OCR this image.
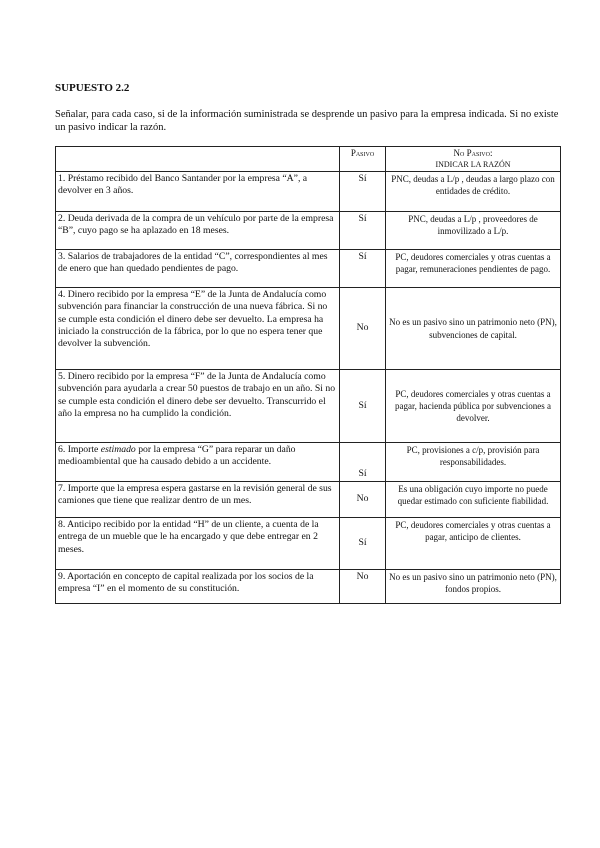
SUPUESTO 2.2
Señalar, para cada caso, si de la información suministrada se desprende un pasivo para la empresa indicada. Si no existe un pasivo indicar la razón.
	Pasivo	No Pasivo:
INDICAR LA RAZÓN

1. Préstamo recibido del Banco Santander por la empresa “A”, a devolver en 3 años.	Sí	PNC, deudas a L/p , deudas a largo plazo con entidades de crédito.
2. Deuda derivada de la compra de un vehículo por parte de la empresa “B”, cuyo pago se ha aplazado en 18 meses.	Sí	PNC, deudas a L/p , proveedores de inmovilizado a L/p.
3. Salarios de trabajadores de la entidad “C”, correspondientes al mes de enero que han quedado pendientes de pago.	Sí	PC, deudores comerciales y otras cuentas a pagar, remuneraciones pendientes de pago.
4. Dinero recibido por la empresa “E” de la Junta de Andalucía como subvención para financiar la construcción de una nueva fábrica. Si no se cumple esta condición el dinero debe ser devuelto. La empresa ha iniciado la construcción de la fábrica, por lo que no espera tener que devolver la subvención.	No	No es un pasivo sino un patrimonio neto (PN), subvenciones de capital.
5. Dinero recibido por la empresa “F” de la Junta de Andalucía como subvención para ayudarla a crear 50 puestos de trabajo en un año. Si no se cumple esta condición el dinero debe ser devuelto. Transcurrido el año la empresa no ha cumplido la condición.	Sí	PC, deudores comerciales y otras cuentas a pagar, hacienda pública por subvenciones a devolver.
6. Importe estimado por la empresa “G” para reparar un daño medioambiental que ha causado debido a un accidente.	Sí	PC, provisiones a c/p, provisión para responsabilidades.
7. Importe que la empresa espera gastarse en la revisión general de sus camiones que tiene que realizar dentro de un mes.	No	Es una obligación cuyo importe no puede quedar estimado con suficiente fiabilidad.
8. Anticipo recibido por la entidad “H” de un cliente, a cuenta de la entrega de un mueble que le ha encargado y que debe entregar en 2 meses.	Sí	PC, deudores comerciales y otras cuentas a pagar, anticipo de clientes.
9. Aportación en concepto de capital realizada por los socios de la empresa “I” en el momento de su constitución.	No	No es un pasivo sino un patrimonio neto (PN), fondos propios.
